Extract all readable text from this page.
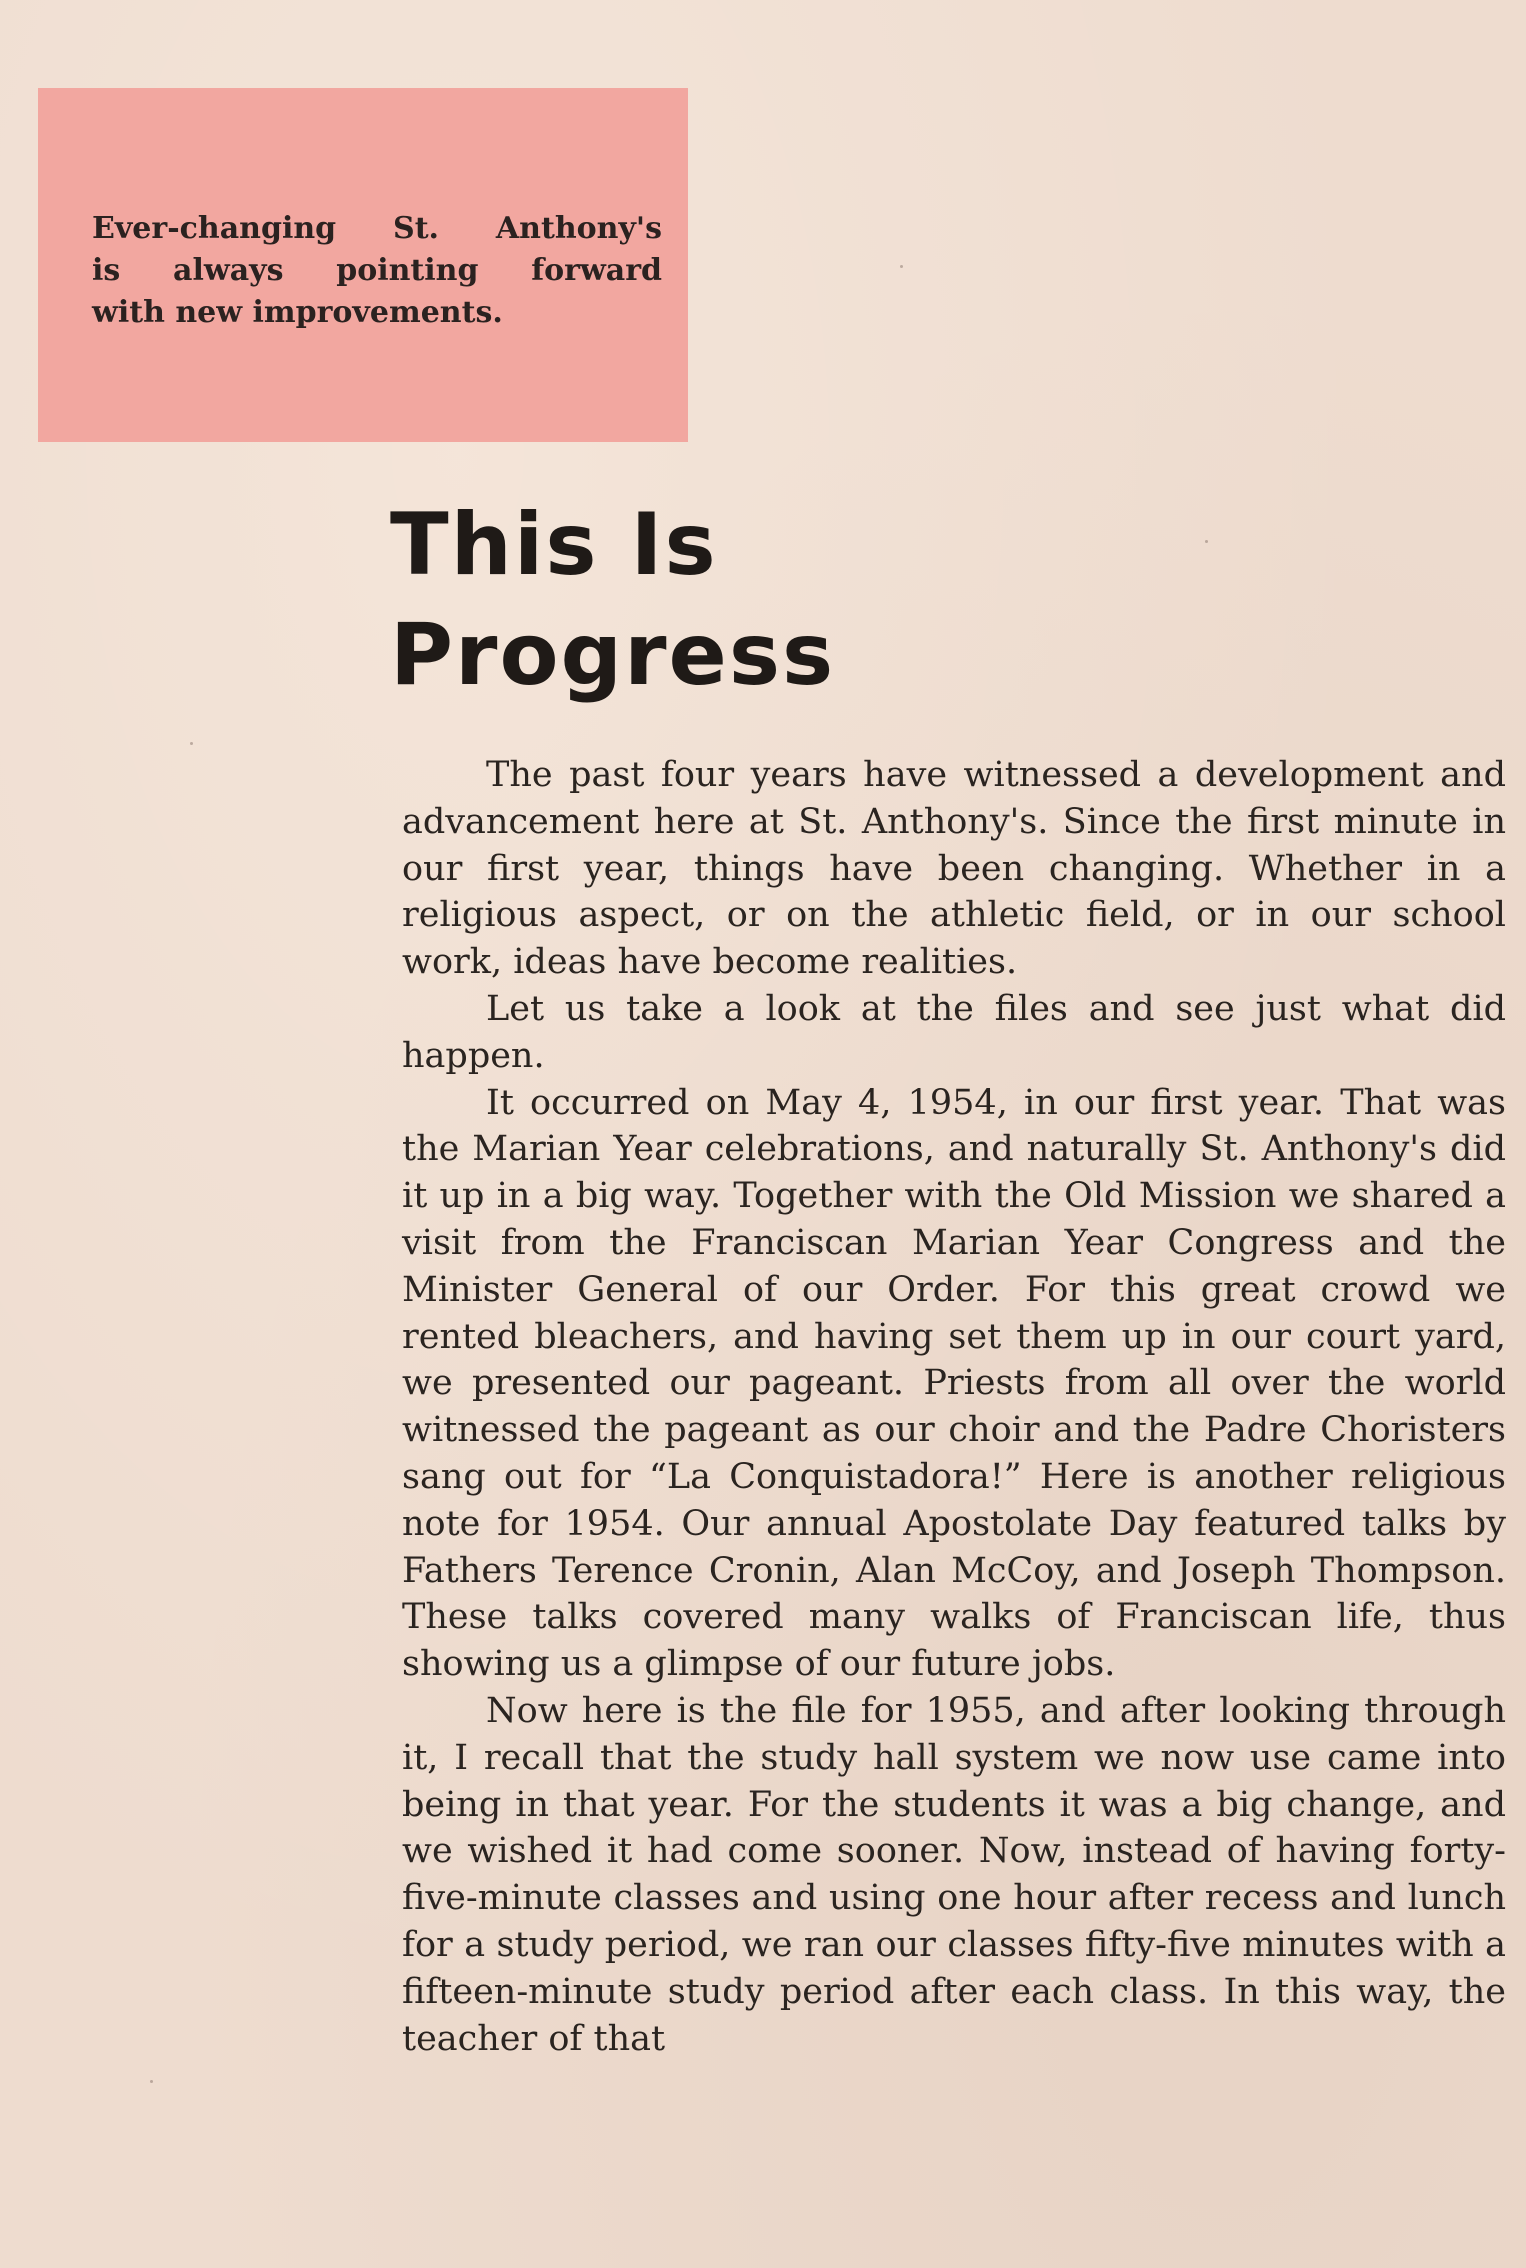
Ever-changing St. Anthony's
is always pointing forward
with new improvements.

This Is Progress

The past four years have witnessed a development and advancement here at St. Anthony's. Since the first minute in our first year, things have been changing. Whether in a religious aspect, or on the athletic field, or in our school work, ideas have become realities.

Let us take a look at the files and see just what did happen.

It occurred on May 4, 1954, in our first year. That was the Marian Year celebrations, and naturally St. Anthony's did it up in a big way. Together with the Old Mission we shared a visit from the Franciscan Marian Year Congress and the Minister General of our Order. For this great crowd we rented bleachers, and having set them up in our court yard, we presented our pageant. Priests from all over the world witnessed the pageant as our choir and the Padre Choristers sang out for “La Conquistadora!” Here is another religious note for 1954. Our annual Apostolate Day featured talks by Fathers Terence Cronin, Alan McCoy, and Joseph Thompson. These talks covered many walks of Franciscan life, thus showing us a glimpse of our future jobs.

Now here is the file for 1955, and after looking through it, I recall that the study hall system we now use came into being in that year. For the students it was a big change, and we wished it had come sooner. Now, instead of having forty-five-minute classes and using one hour after recess and lunch for a study period, we ran our classes fifty-five minutes with a fifteen-minute study period after each class. In this way, the teacher of that
